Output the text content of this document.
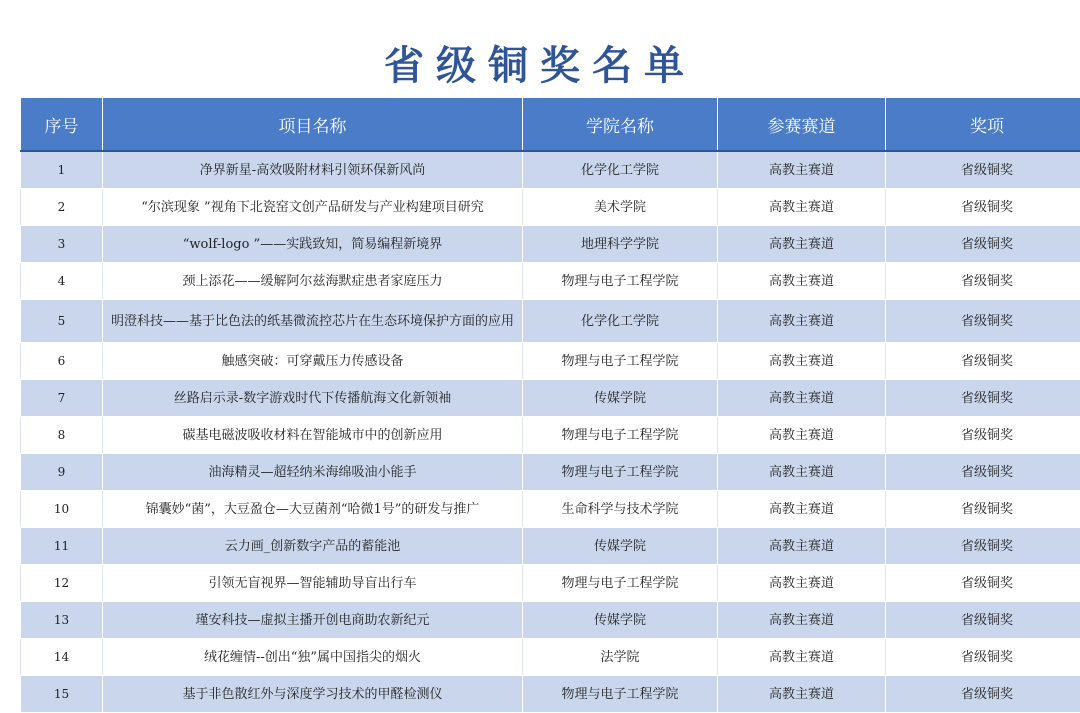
省级铜奖名单
序号	项目名称	学院名称	参赛赛道	奖项
1	净界新星-高效吸附材料引领环保新风尚	化学化工学院	高教主赛道	省级铜奖
2	“尔滨现象 ”视角下北瓷窑文创产品研发与产业构建项目研究	美术学院	高教主赛道	省级铜奖
3	“wolf-logo ”——实践致知，简易编程新境界	地理科学学院	高教主赛道	省级铜奖
4	颈上添花——缓解阿尔兹海默症患者家庭压力	物理与电子工程学院	高教主赛道	省级铜奖
5	明澄科技——基于比色法的纸基微流控芯片在生态环境保护方面的应用	化学化工学院	高教主赛道	省级铜奖
6	触感突破：可穿戴压力传感设备	物理与电子工程学院	高教主赛道	省级铜奖
7	丝路启示录-数字游戏时代下传播航海文化新领袖	传媒学院	高教主赛道	省级铜奖
8	碳基电磁波吸收材料在智能城市中的创新应用	物理与电子工程学院	高教主赛道	省级铜奖
9	油海精灵—超轻纳米海绵吸油小能手	物理与电子工程学院	高教主赛道	省级铜奖
10	锦囊妙“菌”，大豆盈仓—大豆菌剂“哈微1号”的研发与推广	生命科学与技术学院	高教主赛道	省级铜奖
11	云力画_创新数字产品的蓄能池	传媒学院	高教主赛道	省级铜奖
12	引领无盲视界—智能辅助导盲出行车	物理与电子工程学院	高教主赛道	省级铜奖
13	瑾安科技—虚拟主播开创电商助农新纪元	传媒学院	高教主赛道	省级铜奖
14	绒花缠情--创出“独”属中国指尖的烟火	法学院	高教主赛道	省级铜奖
15	基于非色散红外与深度学习技术的甲醛检测仪	物理与电子工程学院	高教主赛道	省级铜奖
